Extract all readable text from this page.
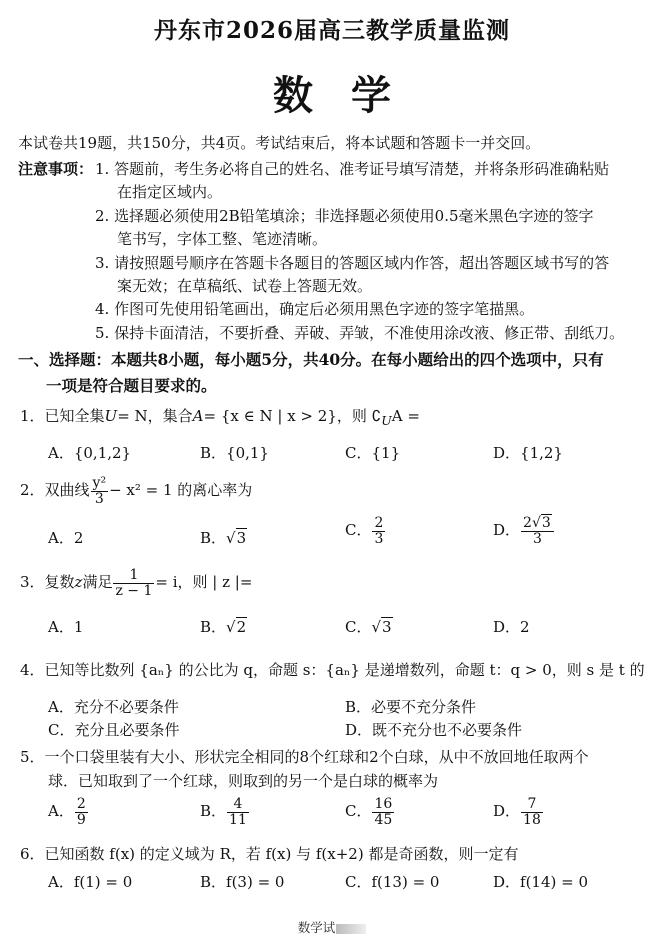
丹东市2026届高三教学质量监测
数学
本试卷共19题，共150分，共4页。考试结束后，将本试题和答题卡一并交回。
注意事项： 1. 答题前，考生务必将自己的姓名、准考证号填写清楚，并将条形码准确粘贴
在指定区域内。
2. 选择题必须使用2B铅笔填涂；非选择题必须使用0.5毫米黑色字迹的签字
笔书写，字体工整、笔迹清晰。
3. 请按照题号顺序在答题卡各题目的答题区域内作答，超出答题区域书写的答
案无效；在草稿纸、试卷上答题无效。
4. 作图可先使用铅笔画出，确定后必须用黑色字迹的签字笔描黑。
5. 保持卡面清洁，不要折叠、弄破、弄皱，不准使用涂改液、修正带、刮纸刀。
一、选择题：本题共8小题，每小题5分，共40分。在每小题给出的四个选项中，只有
一项是符合题目要求的。
1．已知全集U= N，集合A= {x ∈ N | x > 2}，则 $∁_UA$ =
A．{0,1,2}	B．{0,1}	C．{1}	D．{1,2}
2．双曲线 $\frac{\text{y²}}{3} - x^2 = 1$ 的离心率为
A．2	B．√3	C． $\frac{2}{3}$	D． $\frac{2√3}{3}$
3．复数z满足 $\frac{1}{z - 1} = i$，则 | z |=
A．1	B．√2	C．√3	D．2
4．已知等比数列 {aₙ} 的公比为 q，命题 s：{aₙ} 是递增数列，命题 t：q > 0，则 s 是 t 的
A．充分不必要条件	B．必要不充分条件
C．充分且必要条件	D．既不充分也不必要条件
5．一个口袋里装有大小、形状完全相同的8个红球和2个白球，从中不放回地任取两个
球．已知取到了一个红球，则取到的另一个是白球的概率为
A． $\frac{2}{9}$	B． $\frac{4}{11}$	C． $\frac{16}{45}$	D． $\frac{7}{18}$
6．已知函数 f(x) 的定义域为 R，若 f(x) 与 f(x+2) 都是奇函数，则一定有
A．f(1) = 0	B．f(3) = 0	C．f(13) = 0	D．f(14) = 0
数学试
